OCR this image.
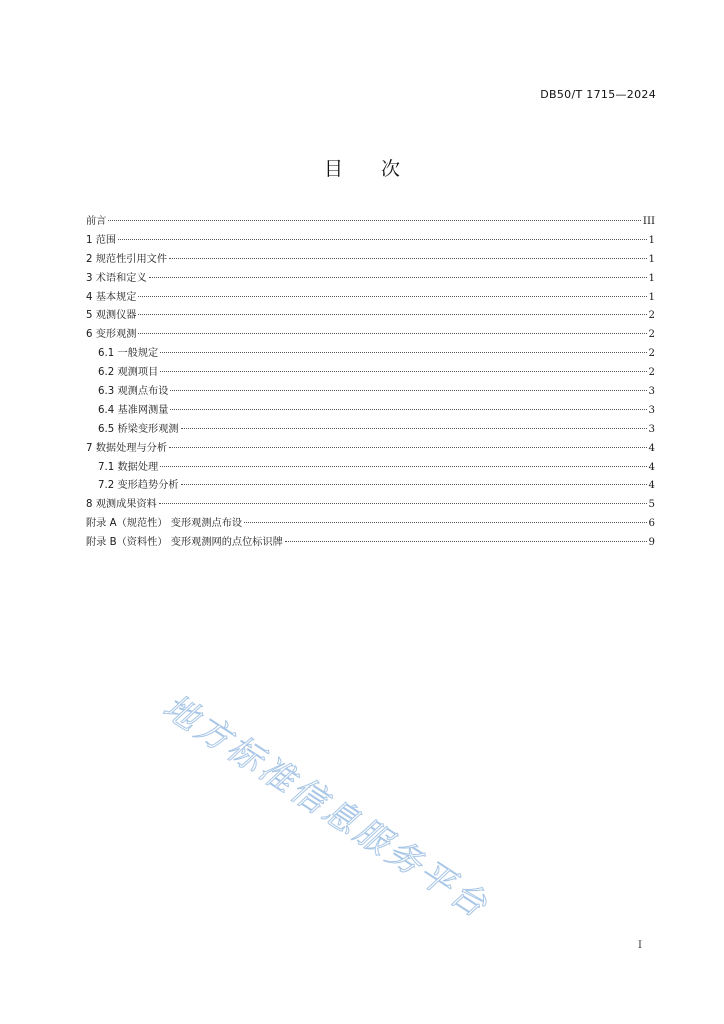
DB50/T 1715—2024
目 次
前言	III
1 范围	1
2 规范性引用文件	1
3 术语和定义	1
4 基本规定	1
5 观测仪器	2
6 变形观测	2
6.1 一般规定	2
6.2 观测项目	2
6.3 观测点布设	3
6.4 基准网测量	3
6.5 桥梁变形观测	3
7 数据处理与分析	4
7.1 数据处理	4
7.2 变形趋势分析	4
8 观测成果资料	5
附录 A（规范性） 变形观测点布设	6
附录 B（资料性） 变形观测网的点位标识牌	9
地方标准信息服务平台
I
